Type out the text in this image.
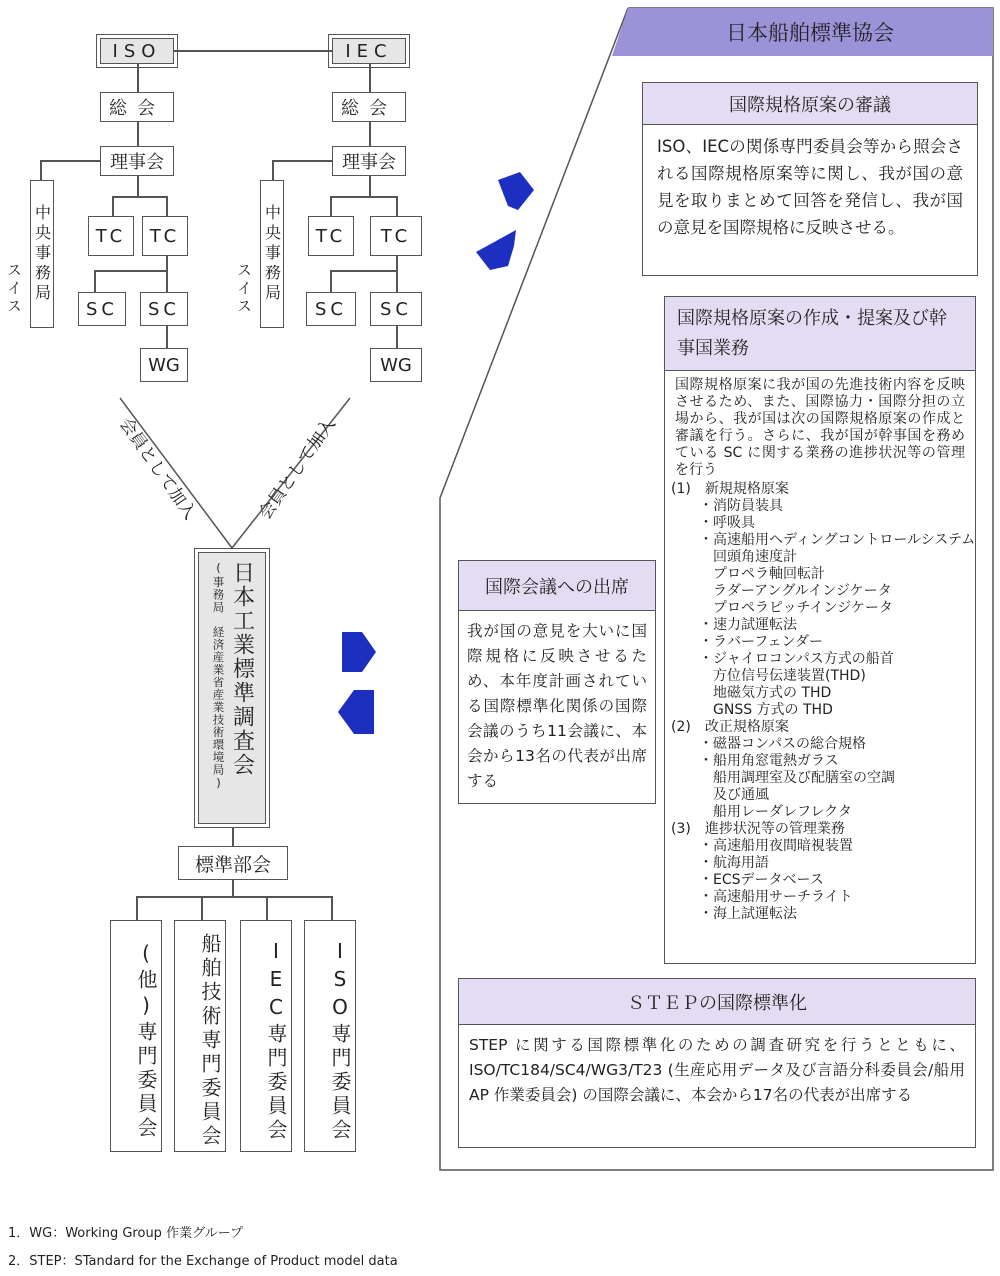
ISO	IEC
総会
理事会
中央事務局
スイス
TC TC
SC SC
WG
総会
理事会
中央事務局
スイス
TC TC
SC SC
WG
会員として加入	会員として加入
(事務局　経済産業省産業技術環境局) 日本工業標準調査会
標準部会
(他)専門委員会 船舶技術専門委員会 IEC専門委員会 ISO専門委員会
日本船舶標準協会
国際規格原案の審議
ISO、IECの関係専門委員会等から照会される国際規格原案等に関し、我が国の意見を取りまとめて回答を発信し、我が国の意見を国際規格に反映させる。
国際規格原案の作成・提案及び幹事国業務
国際規格原案に我が国の先進技術内容を反映させるため、また、国際協力・国際分担の立場から、我が国は次の国際規格原案の作成と審議を行う。さらに、我が国が幹事国を務めている SC に関する業務の進捗状況等の管理を行う
(1)　新規規格原案
　　・消防員装具
　　・呼吸具
　　・高速船用ヘディングコントロールシステム
　　　回頭角速度計
　　　プロペラ軸回転計
　　　ラダーアングルインジケータ
　　　プロペラピッチインジケータ
　　・速力試運転法
　　・ラバーフェンダー
　　・ジャイロコンパス方式の船首
　　　方位信号伝達装置(THD)
　　　地磁気方式の THD
　　　GNSS 方式の THD
(2)　改正規格原案
　　・磁器コンパスの総合規格
　　・船用角窓電熱ガラス
　　　船用調理室及び配膳室の空調
　　　及び通風
　　　船用レーダレフレクタ
(3)　進捗状況等の管理業務
　　・高速船用夜間暗視装置
　　・航海用語
　　・ECSデータベース
　　・高速船用サーチライト
　　・海上試運転法
国際会議への出席
我が国の意見を大いに国際規格に反映させるため、本年度計画されている国際標準化関係の国際会議のうち11会議に、本会から13名の代表が出席する
ＳＴＥＰの国際標準化
STEP に関する国際標準化のための調査研究を行うとともに、ISO/TC184/SC4/WG3/T23 (生産応用データ及び言語分科委員会/船用 AP 作業委員会) の国際会議に、本会から17名の代表が出席する
1．WG：Working Group 作業グループ
2．STEP：STandard for the Exchange of Product model data
